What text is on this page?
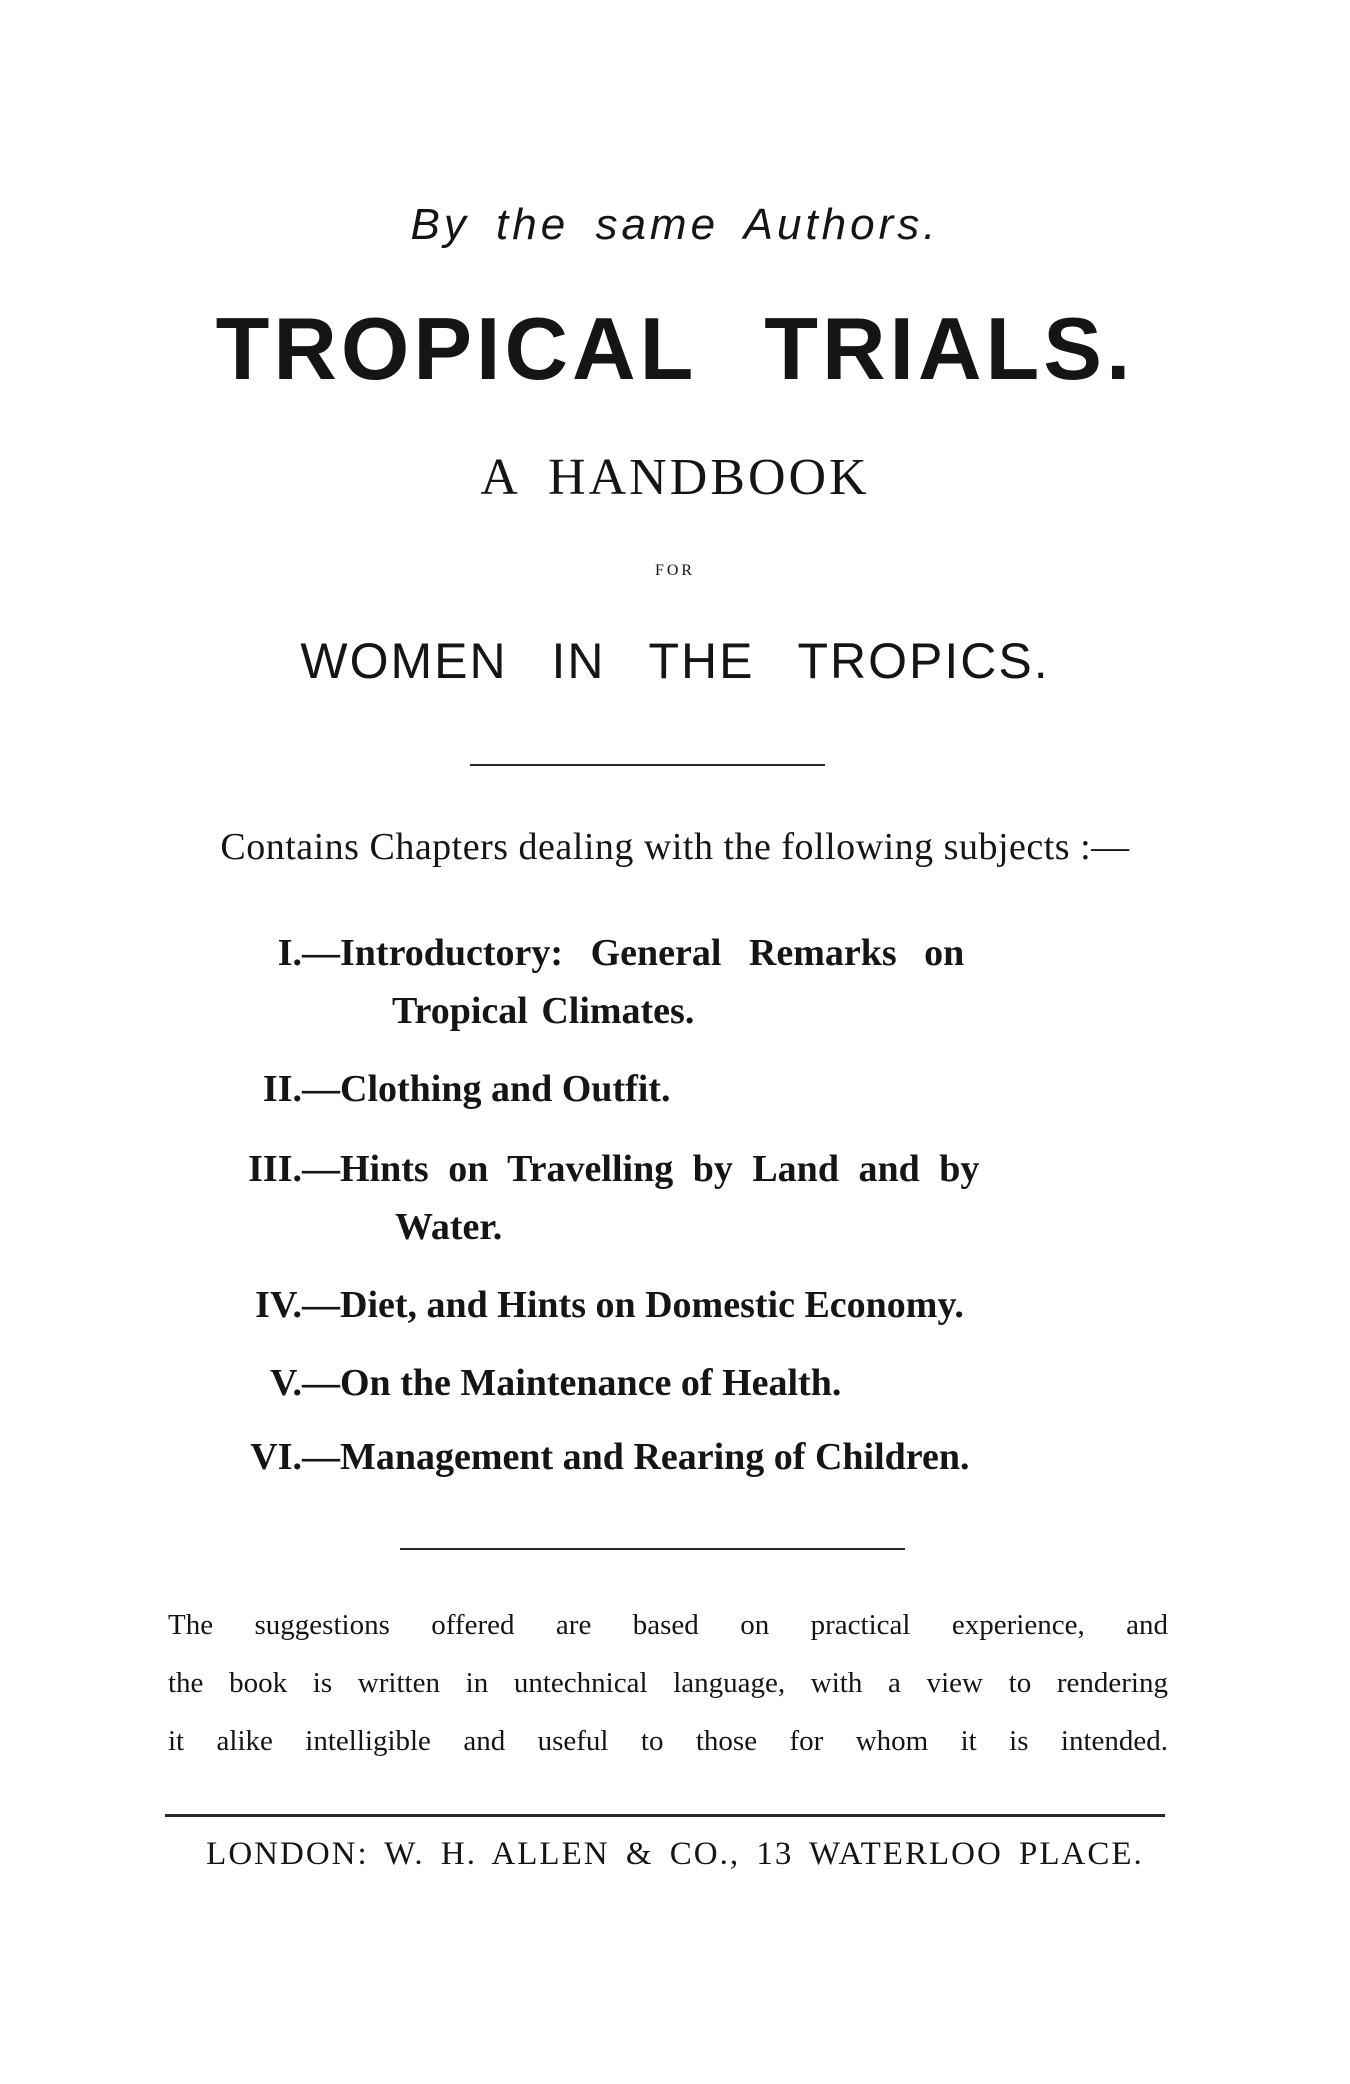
By the same Authors.
TROPICAL TRIALS.
A HANDBOOK
FOR
WOMEN IN THE TROPICS.
Contains Chapters dealing with the following subjects :—
I.— Introductory: General Remarks on
Tropical Climates.
II.— Clothing and Outfit.
III.— Hints on Travelling by Land and by
Water.
IV.— Diet, and Hints on Domestic Economy.
V.— On the Maintenance of Health.
VI.— Management and Rearing of Children.

The suggestions offered are based on practical experience, and

the book is written in untechnical language, with a view to rendering

it alike intelligible and useful to those for whom it is intended.

LONDON: W. H. ALLEN & CO., 13 WATERLOO PLACE.
